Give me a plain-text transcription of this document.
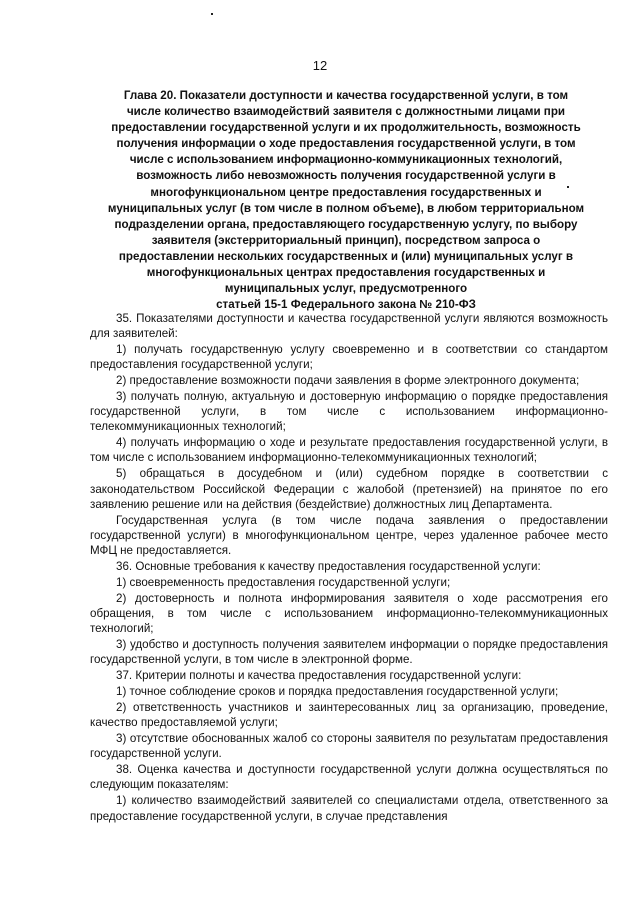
12
Глава 20. Показатели доступности и качества государственной услуги, в том
числе количество взаимодействий заявителя с должностными лицами при
предоставлении государственной услуги и их продолжительность, возможность
получения информации о ходе предоставления государственной услуги, в том
числе с использованием информационно-коммуникационных технологий,
возможность либо невозможность получения государственной услуги в
многофункциональном центре предоставления государственных и
муниципальных услуг (в том числе в полном объеме), в любом территориальном
подразделении органа, предоставляющего государственную услугу, по выбору
заявителя (экстерриториальный принцип), посредством запроса о
предоставлении нескольких государственных и (или) муниципальных услуг в
многофункциональных центрах предоставления государственных и
муниципальных услуг, предусмотренного
статьей 15-1 Федерального закона № 210-ФЗ

35. Показателями доступности и качества государственной услуги являются возможность для заявителей:

1) получать государственную услугу своевременно и в соответствии со стандартом предоставления государственной услуги;

2) предоставление возможности подачи заявления в форме электронного документа;

3) получать полную, актуальную и достоверную информацию о порядке предоставления государственной услуги, в том числе с использованием информационно-телекоммуникационных технологий;

4) получать информацию о ходе и результате предоставления государственной услуги, в том числе с использованием информационно-телекоммуникационных технологий;

5) обращаться в досудебном и (или) судебном порядке в соответствии с законодательством Российской Федерации с жалобой (претензией) на принятое по его заявлению решение или на действия (бездействие) должностных лиц Департамента.

Государственная услуга (в том числе подача заявления о предоставлении государственной услуги) в многофункциональном центре, через удаленное рабочее место МФЦ не предоставляется.

36. Основные требования к качеству предоставления государственной услуги:

1) своевременность предоставления государственной услуги;

2) достоверность и полнота информирования заявителя о ходе рассмотрения его обращения, в том числе с использованием информационно-телекоммуникационных технологий;

3) удобство и доступность получения заявителем информации о порядке предоставления государственной услуги, в том числе в электронной форме.

37. Критерии полноты и качества предоставления государственной услуги:

1) точное соблюдение сроков и порядка предоставления государственной услуги;

2) ответственность участников и заинтересованных лиц за организацию, проведение, качество предоставляемой услуги;

3) отсутствие обоснованных жалоб со стороны заявителя по результатам предоставления государственной услуги.

38. Оценка качества и доступности государственной услуги должна осуществляться по следующим показателям:

1) количество взаимодействий заявителей со специалистами отдела, ответственного за предоставление государственной услуги, в случае представления
